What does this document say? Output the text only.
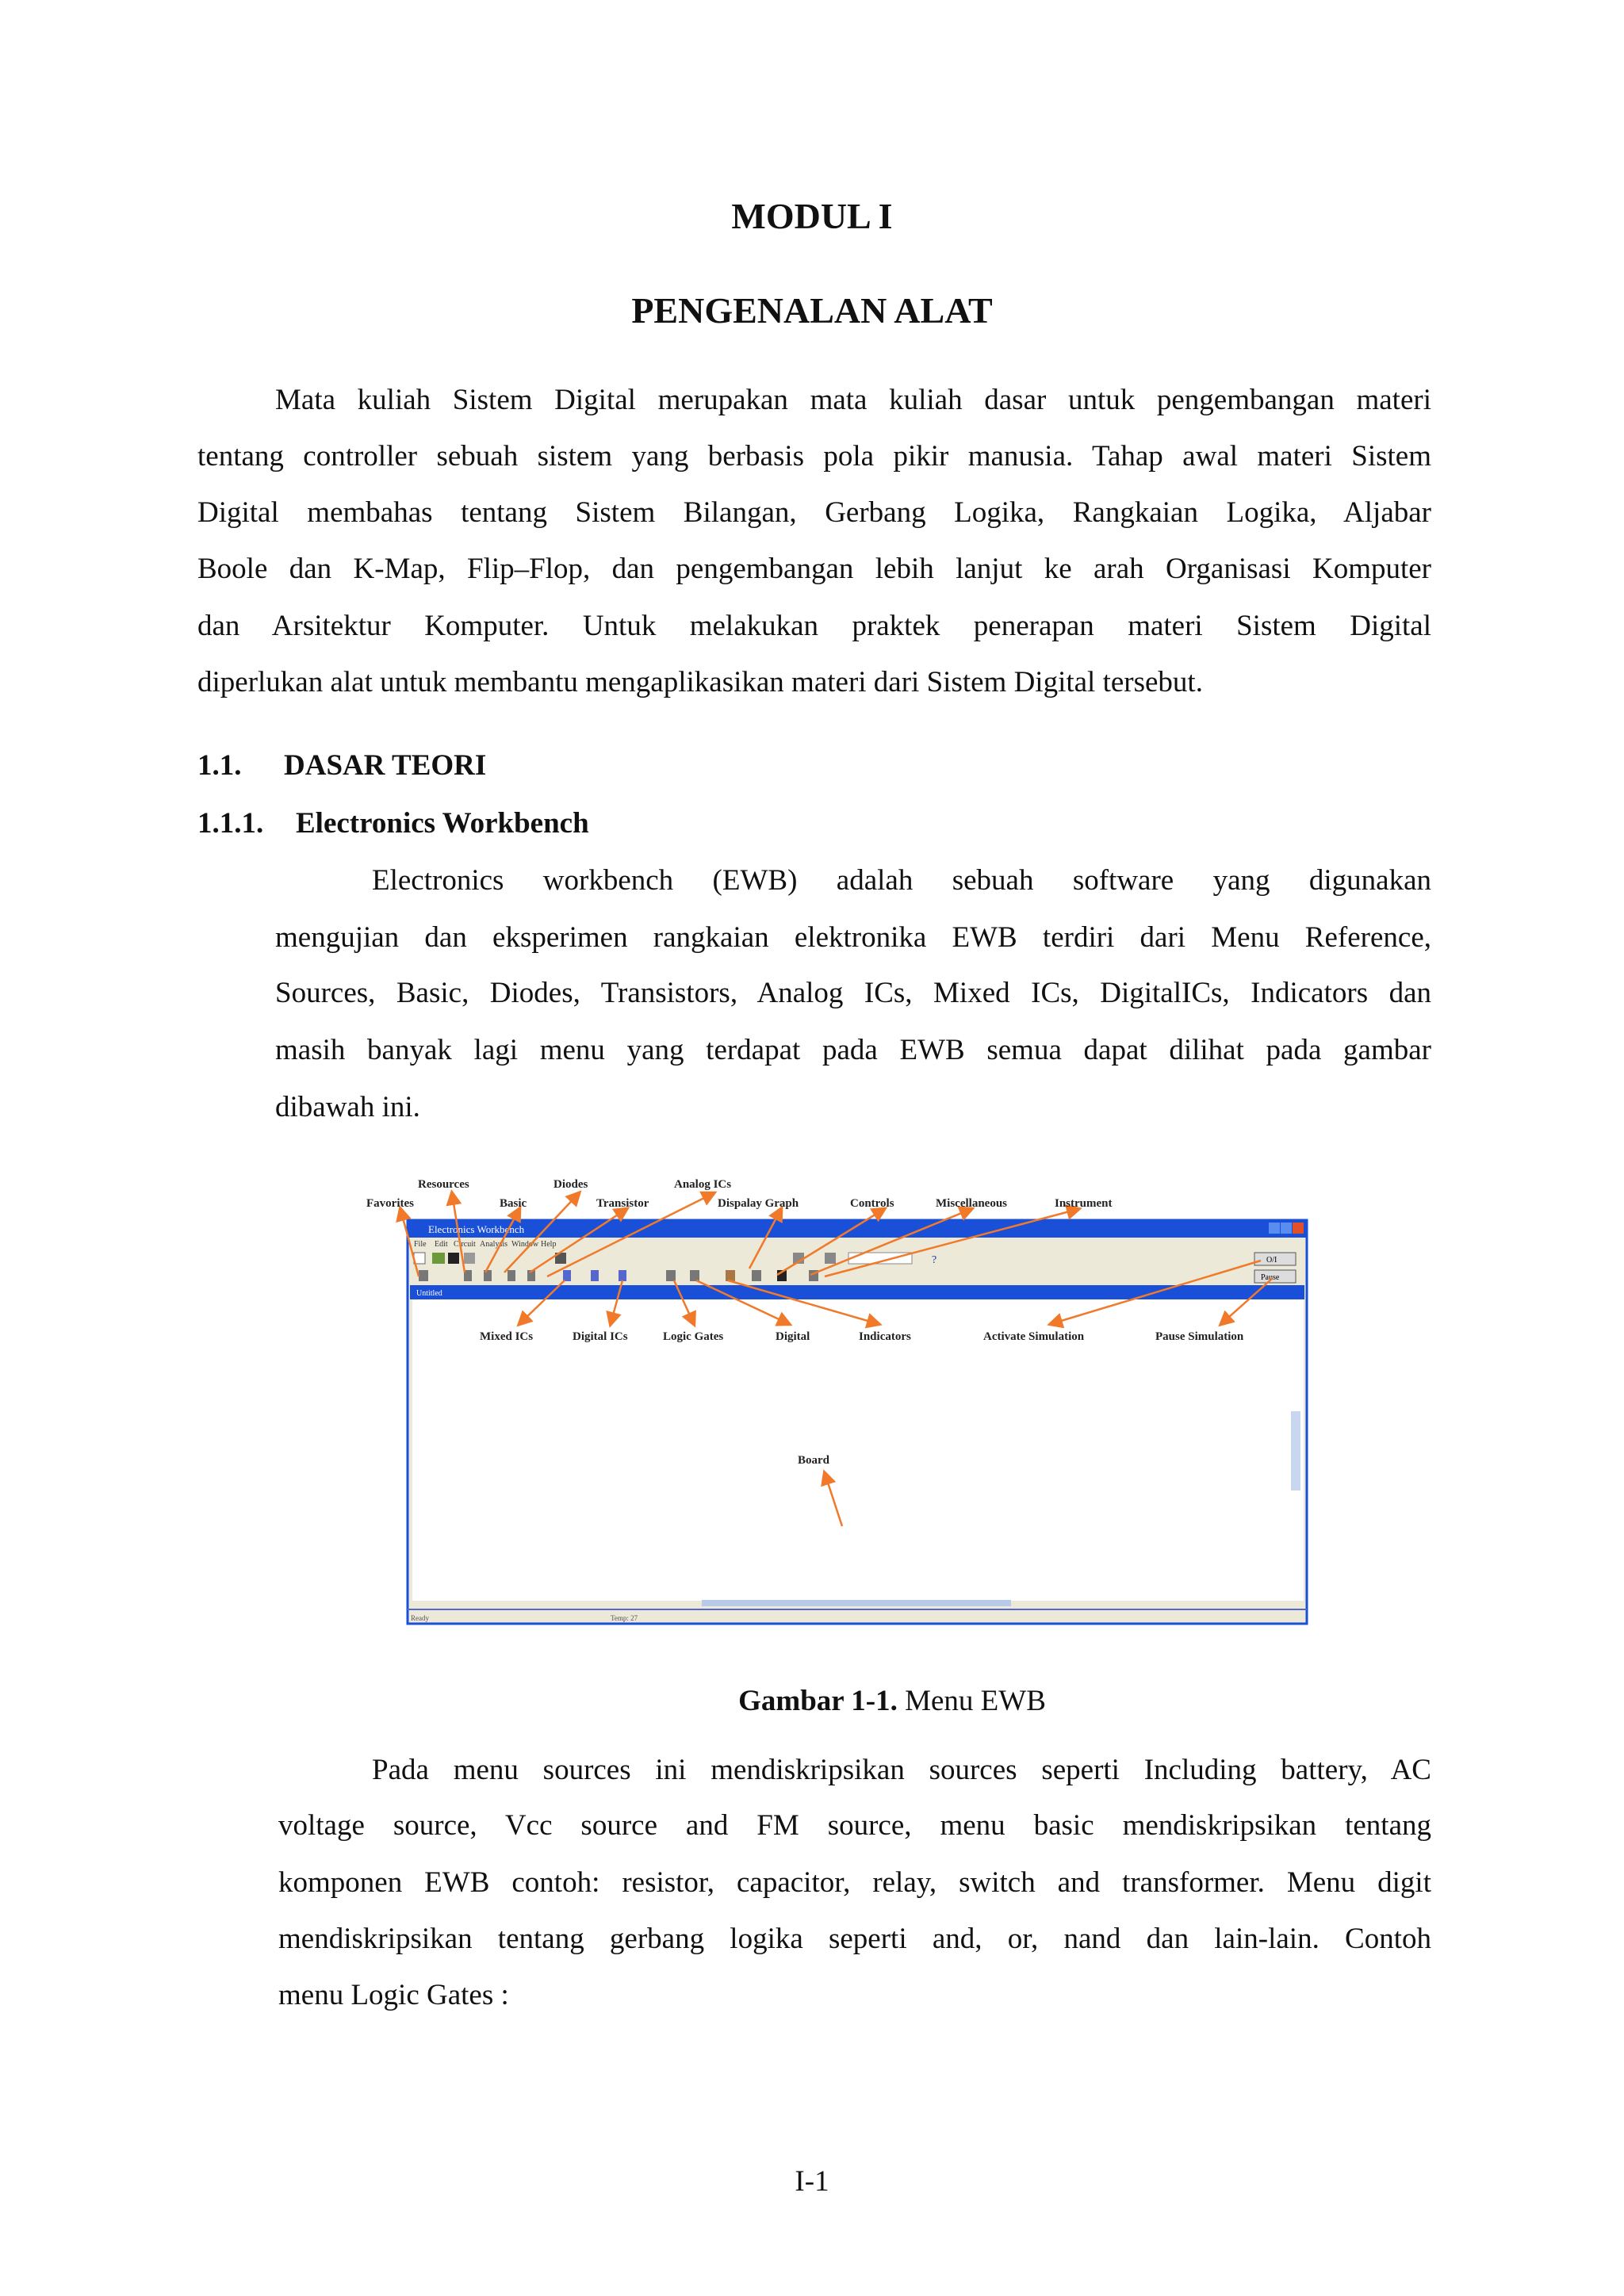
MODUL I
PENGENALAN ALAT
Mata kuliah Sistem Digital merupakan mata kuliah dasar untuk pengembangan materi
tentang controller sebuah sistem yang berbasis pola pikir manusia. Tahap awal materi Sistem
Digital membahas tentang Sistem Bilangan, Gerbang Logika, Rangkaian Logika, Aljabar
Boole dan K-Map, Flip–Flop, dan pengembangan lebih lanjut ke arah Organisasi Komputer
dan Arsitektur Komputer. Untuk melakukan praktek penerapan materi Sistem Digital
diperlukan alat untuk membantu mengaplikasikan materi dari Sistem Digital tersebut.
1.1. DASAR TEORI
1.1.1. Electronics Workbench
Electronics workbench (EWB) adalah sebuah software yang digunakan
mengujian dan eksperimen rangkaian elektronika EWB terdiri dari Menu Reference,
Sources, Basic, Diodes, Transistors, Analog ICs, Mixed ICs, DigitalICs, Indicators dan
masih banyak lagi menu yang terdapat pada EWB semua dapat dilihat pada gambar
dibawah ini.
Electronics Workbench
File Edit Circuit Analysis Window Help
?	O/I
Pause
Untitled
Ready	Temp: 27
Resources	Diodes	Analog ICs
Favorites	Basic	Transistor	Dispalay Graph	Controls	Miscellaneous	Instrument
Mixed ICs	Digital ICs	Logic Gates	Digital	Indicators	Activate Simulation	Pause Simulation
Board
Gambar 1-1. Menu EWB
Pada menu sources ini mendiskripsikan sources seperti Including battery, AC
voltage source, Vcc source and FM source, menu basic mendiskripsikan tentang
komponen EWB contoh: resistor, capacitor, relay, switch and transformer. Menu digit
mendiskripsikan tentang gerbang logika seperti and, or, nand dan lain-lain. Contoh
menu Logic Gates :
I-1
